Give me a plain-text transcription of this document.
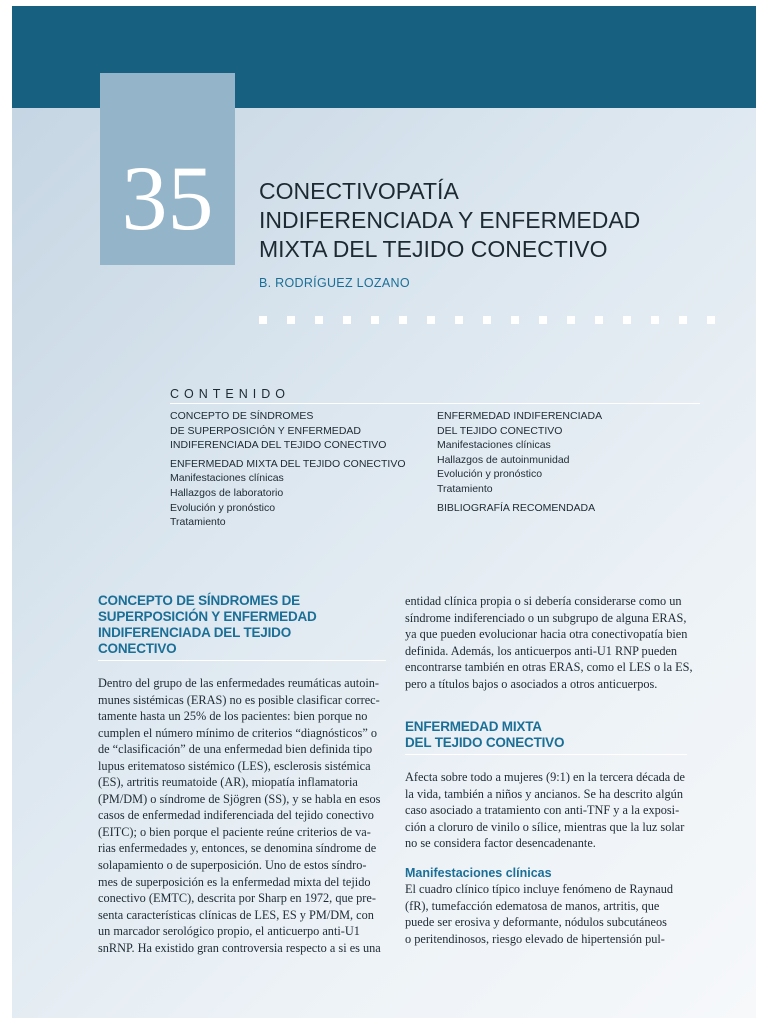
35	CONECTIVOPATÍA
INDIFERENCIADA Y ENFERMEDAD
MIXTA DEL TEJIDO CONECTIVO
B. RODRÍGUEZ LOZANO
CONTENIDO
CONCEPTO DE SÍNDROMES
DE SUPERPOSICIÓN Y ENFERMEDAD
INDIFERENCIADA DEL TEJIDO CONECTIVO
ENFERMEDAD MIXTA DEL TEJIDO CONECTIVO
Manifestaciones clínicas
Hallazgos de laboratorio
Evolución y pronóstico
Tratamiento
ENFERMEDAD INDIFERENCIADA
DEL TEJIDO CONECTIVO
Manifestaciones clínicas
Hallazgos de autoinmunidad
Evolución y pronóstico
Tratamiento
BIBLIOGRAFÍA RECOMENDADA
CONCEPTO DE SÍNDROMES DE
SUPERPOSICIÓN Y ENFERMEDAD
INDIFERENCIADA DEL TEJIDO
CONECTIVO
Dentro del grupo de las enfermedades reumáticas autoin-
munes sistémicas (ERAS) no es posible clasificar correc-
tamente hasta un 25% de los pacientes: bien porque no
cumplen el número mínimo de criterios “diagnósticos” o
de “clasificación” de una enfermedad bien definida tipo
lupus eritematoso sistémico (LES), esclerosis sistémica
(ES), artritis reumatoide (AR), miopatía inflamatoria
(PM/DM) o síndrome de Sjögren (SS), y se habla en esos
casos de enfermedad indiferenciada del tejido conectivo
(EITC); o bien porque el paciente reúne criterios de va-
rias enfermedades y, entonces, se denomina síndrome de
solapamiento o de superposición. Uno de estos síndro-
mes de superposición es la enfermedad mixta del tejido
conectivo (EMTC), descrita por Sharp en 1972, que pre-
senta características clínicas de LES, ES y PM/DM, con
un marcador serológico propio, el anticuerpo anti-U1
snRNP. Ha existido gran controversia respecto a si es una
entidad clínica propia o si debería considerarse como un
síndrome indiferenciado o un subgrupo de alguna ERAS,
ya que pueden evolucionar hacia otra conectivopatía bien
definida. Además, los anticuerpos anti-U1 RNP pueden
encontrarse también en otras ERAS, como el LES o la ES,
pero a títulos bajos o asociados a otros anticuerpos.
ENFERMEDAD MIXTA
DEL TEJIDO CONECTIVO
Afecta sobre todo a mujeres (9:1) en la tercera década de
la vida, también a niños y ancianos. Se ha descrito algún
caso asociado a tratamiento con anti-TNF y a la exposi-
ción a cloruro de vinilo o sílice, mientras que la luz solar
no se considera factor desencadenante.
Manifestaciones clínicas
El cuadro clínico típico incluye fenómeno de Raynaud
(fR), tumefacción edematosa de manos, artritis, que
puede ser erosiva y deformante, nódulos subcutáneos
o peritendinosos, riesgo elevado de hipertensión pul-
